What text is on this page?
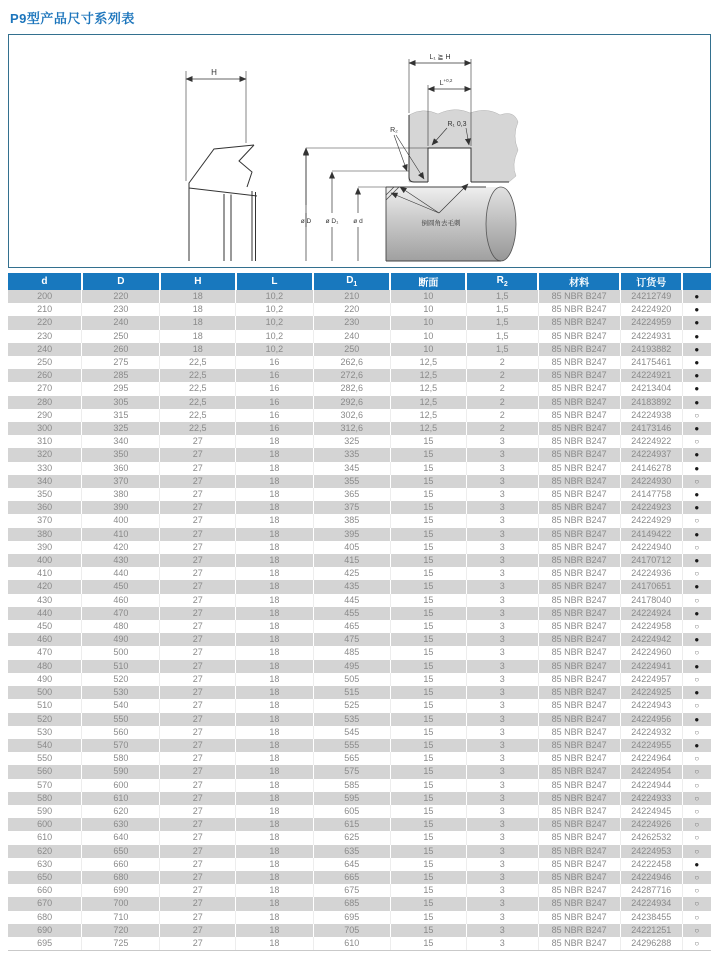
P9型产品尺寸系列表
H
L₁ ≧ H
$L^{+0,2}$
R₁ 0,3
R₂
ø D ø D₁ ø d	倒圆角去毛刺
d	D	H	L	$D_1$	断面	$R_2$	材料	订货号	
200	220	18	10,2	210	10	1,5	85 NBR B247	24212749	●
210	230	18	10,2	220	10	1,5	85 NBR B247	24224920	●
220	240	18	10,2	230	10	1,5	85 NBR B247	24224959	●
230	250	18	10,2	240	10	1,5	85 NBR B247	24224931	●
240	260	18	10,2	250	10	1,5	85 NBR B247	24193882	●
250	275	22,5	16	262,6	12,5	2	85 NBR B247	24175461	●
260	285	22,5	16	272,6	12,5	2	85 NBR B247	24224921	●
270	295	22,5	16	282,6	12,5	2	85 NBR B247	24213404	●
280	305	22,5	16	292,6	12,5	2	85 NBR B247	24183892	●
290	315	22,5	16	302,6	12,5	2	85 NBR B247	24224938	○
300	325	22,5	16	312,6	12,5	2	85 NBR B247	24173146	●
310	340	27	18	325	15	3	85 NBR B247	24224922	○
320	350	27	18	335	15	3	85 NBR B247	24224937	●
330	360	27	18	345	15	3	85 NBR B247	24146278	●
340	370	27	18	355	15	3	85 NBR B247	24224930	○
350	380	27	18	365	15	3	85 NBR B247	24147758	●
360	390	27	18	375	15	3	85 NBR B247	24224923	●
370	400	27	18	385	15	3	85 NBR B247	24224929	○
380	410	27	18	395	15	3	85 NBR B247	24149422	●
390	420	27	18	405	15	3	85 NBR B247	24224940	○
400	430	27	18	415	15	3	85 NBR B247	24170712	●
410	440	27	18	425	15	3	85 NBR B247	24224936	○
420	450	27	18	435	15	3	85 NBR B247	24170651	●
430	460	27	18	445	15	3	85 NBR B247	24178040	○
440	470	27	18	455	15	3	85 NBR B247	24224924	●
450	480	27	18	465	15	3	85 NBR B247	24224958	○
460	490	27	18	475	15	3	85 NBR B247	24224942	●
470	500	27	18	485	15	3	85 NBR B247	24224960	○
480	510	27	18	495	15	3	85 NBR B247	24224941	●
490	520	27	18	505	15	3	85 NBR B247	24224957	○
500	530	27	18	515	15	3	85 NBR B247	24224925	●
510	540	27	18	525	15	3	85 NBR B247	24224943	○
520	550	27	18	535	15	3	85 NBR B247	24224956	●
530	560	27	18	545	15	3	85 NBR B247	24224932	○
540	570	27	18	555	15	3	85 NBR B247	24224955	●
550	580	27	18	565	15	3	85 NBR B247	24224964	○
560	590	27	18	575	15	3	85 NBR B247	24224954	○
570	600	27	18	585	15	3	85 NBR B247	24224944	○
580	610	27	18	595	15	3	85 NBR B247	24224933	○
590	620	27	18	605	15	3	85 NBR B247	24224945	○
600	630	27	18	615	15	3	85 NBR B247	24224926	○
610	640	27	18	625	15	3	85 NBR B247	24262532	○
620	650	27	18	635	15	3	85 NBR B247	24224953	○
630	660	27	18	645	15	3	85 NBR B247	24222458	●
650	680	27	18	665	15	3	85 NBR B247	24224946	○
660	690	27	18	675	15	3	85 NBR B247	24287716	○
670	700	27	18	685	15	3	85 NBR B247	24224934	○
680	710	27	18	695	15	3	85 NBR B247	24238455	○
690	720	27	18	705	15	3	85 NBR B247	24221251	○
695	725	27	18	610	15	3	85 NBR B247	24296288	○
